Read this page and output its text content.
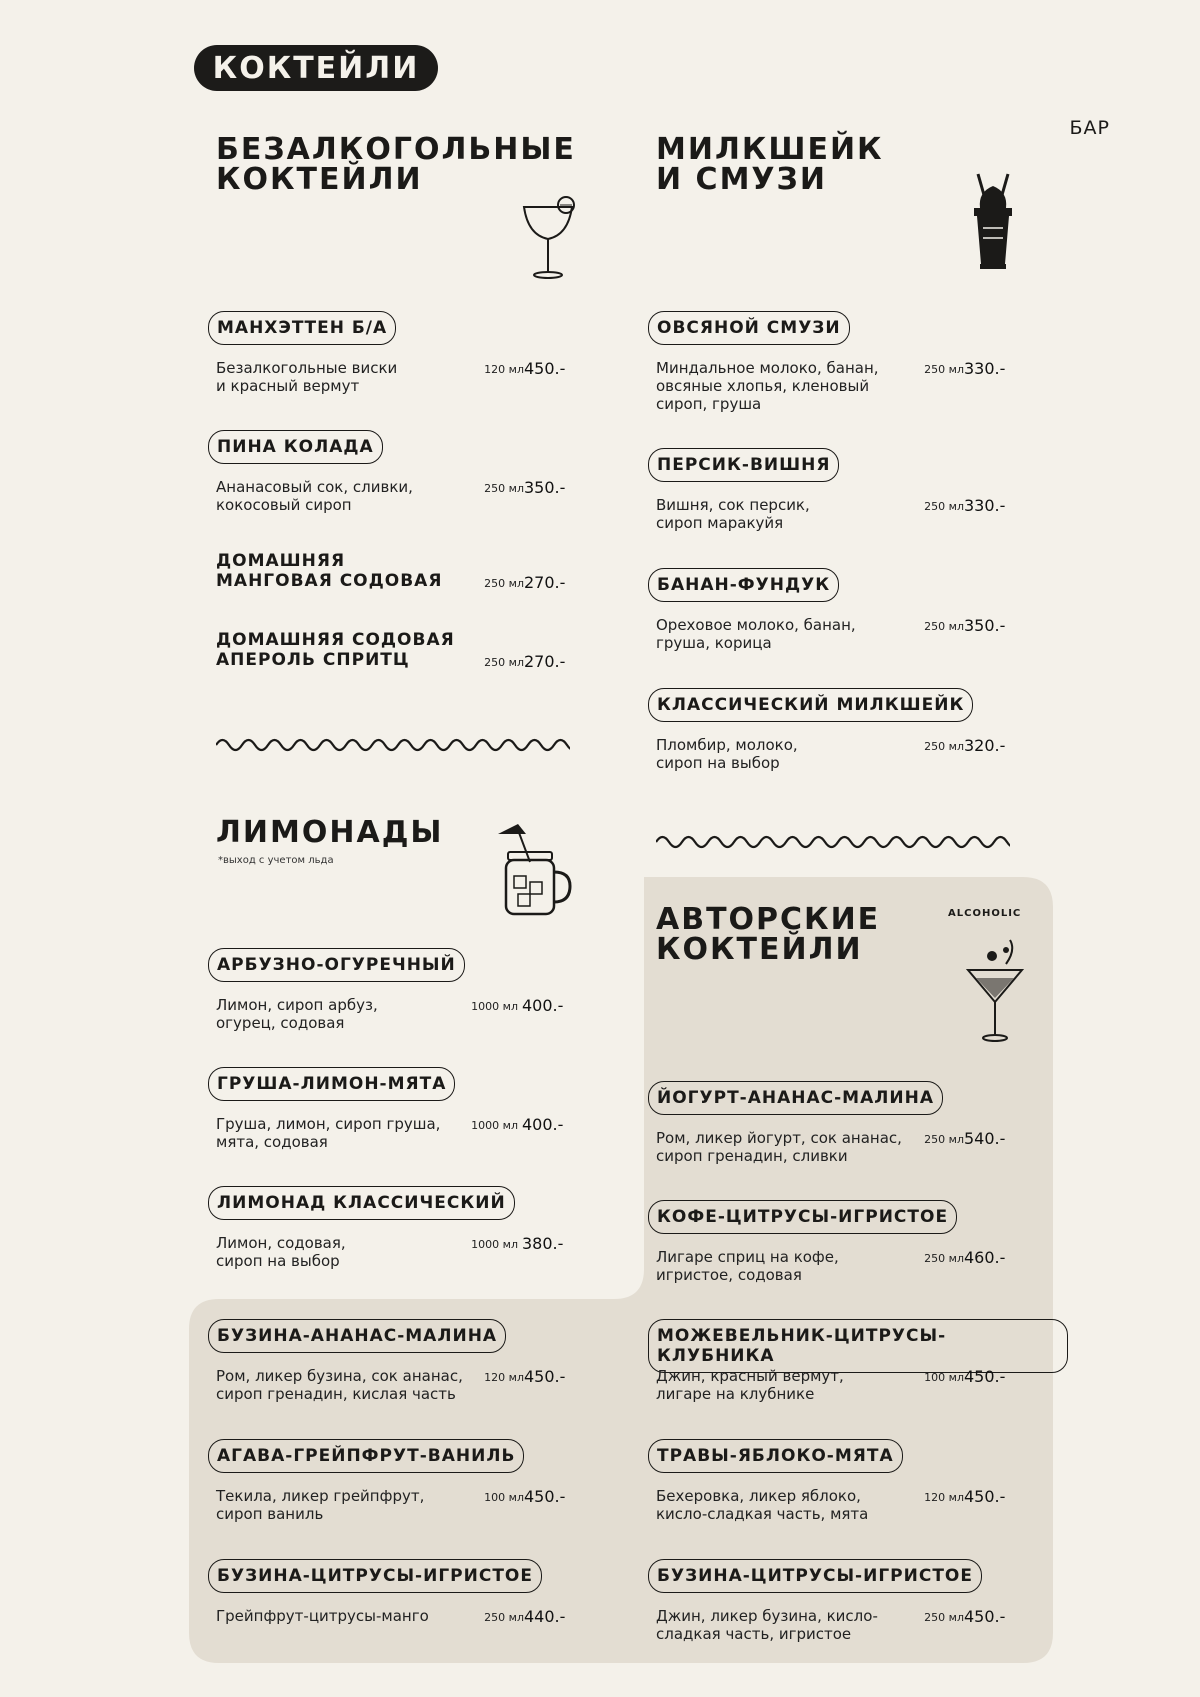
КОКТЕЙЛИ
БАР
БЕЗАЛКОГОЛЬНЫЕ
КОКТЕЙЛИ
МИЛКШЕЙК
И СМУЗИ
ЛИМОНАДЫ
*выход с учетом льда
АВТОРСКИЕ
КОКТЕЙЛИ
ALCOHOLIC
МАНХЭТТЕН Б/А
Безалкогольные виски
и красный вермут
120 мл 450.-
ПИНА КОЛАДА
Ананасовый сок, сливки,
кокосовый сироп
250 мл 350.-
ДОМАШНЯЯ
МАНГОВАЯ СОДОВАЯ	250 мл 270.-
ДОМАШНЯЯ СОДОВАЯ
АПЕРОЛЬ СПРИТЦ	250 мл 270.-
ОВСЯНОЙ СМУЗИ
Миндальное молоко, банан,
овсяные хлопья, кленовый
сироп, груша
250 мл 330.-
ПЕРСИК-ВИШНЯ
Вишня, сок персик,
сироп маракуйя
250 мл 330.-
БАНАН-ФУНДУК
Ореховое молоко, банан,
груша, корица
250 мл 350.-
КЛАССИЧЕСКИЙ МИЛКШЕЙК
Пломбир, молоко,
сироп на выбор
250 мл 320.-
АРБУЗНО-ОГУРЕЧНЫЙ
Лимон, сироп арбуз,
огурец, содовая
1000 мл 400.-
ГРУША-ЛИМОН-МЯТА
Груша, лимон, сироп груша,
мята, содовая
1000 мл 400.-
ЛИМОНАД КЛАССИЧЕСКИЙ
Лимон, содовая,
сироп на выбор
1000 мл 380.-
БУЗИНА-АНАНАС-МАЛИНА
Ром, ликер бузина, сок ананас,
сироп гренадин, кислая часть
120 мл 450.-
АГАВА-ГРЕЙПФРУТ-ВАНИЛЬ
Текила, ликер грейпфрут,
сироп ваниль
100 мл 450.-
БУЗИНА-ЦИТРУСЫ-ИГРИСТОЕ
Грейпфрут-цитрусы-манго	250 мл 440.-
ЙОГУРТ-АНАНАС-МАЛИНА
Ром, ликер йогурт, сок ананас,
сироп гренадин, сливки
250 мл 540.-
КОФЕ-ЦИТРУСЫ-ИГРИСТОЕ
Лигаре сприц на кофе,
игристое, содовая
250 мл 460.-
МОЖЕВЕЛЬНИК-ЦИТРУСЫ-КЛУБНИКА
Джин, красный вермут,
лигаре на клубнике
100 мл 450.-
ТРАВЫ-ЯБЛОКО-МЯТА
Бехеровка, ликер яблоко,
кисло-сладкая часть, мята
120 мл 450.-
БУЗИНА-ЦИТРУСЫ-ИГРИСТОЕ
Джин, ликер бузина, кисло-
сладкая часть, игристое
250 мл 450.-
